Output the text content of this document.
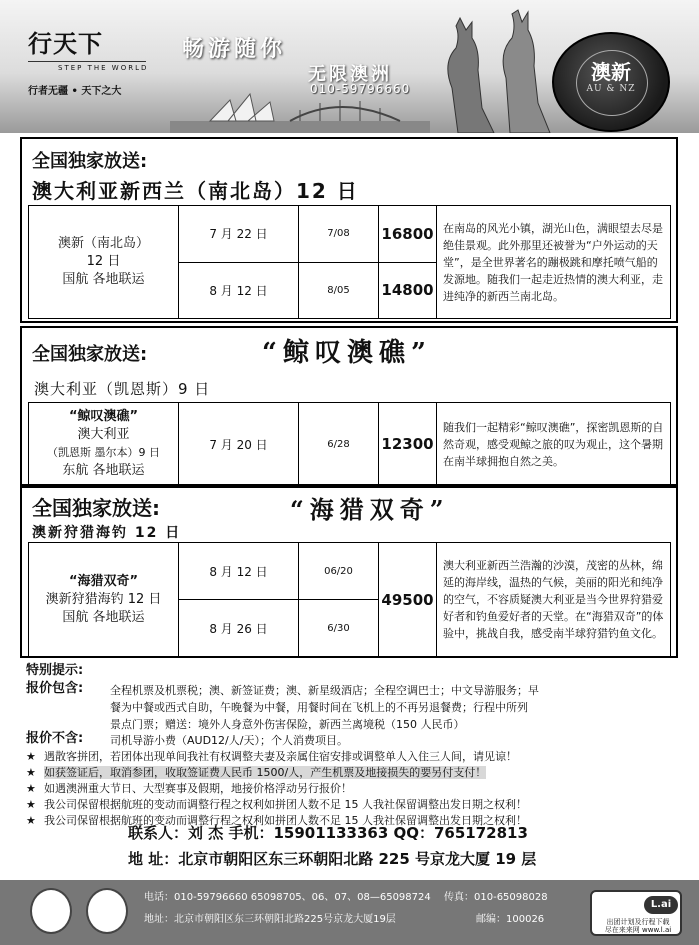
行天下
STEP THE WORLD
行者无疆 • 天下之大
畅游随你
无限澳洲
010-59796660
澳新
AU & NZ
全国独家放送:
澳大利亚新西兰（南北岛）12 日
澳新（南北岛）
12 日
国航 各地联运	7 月 22 日	7/08	16800	在南岛的风光小镇，湖光山色，满眼望去尽是绝佳景观。此外那里还被誉为“户外运动的天堂”，是全世界著名的蹦极跳和摩托喷气船的发源地。随我们一起走近热情的澳大利亚，走进纯净的新西兰南北岛。
	8 月 12 日	8/05	14800	
全国独家放送:	“鲸叹澳礁”
澳大利亚（凯恩斯）9 日
“鲸叹澳礁”
澳大利亚
（凯恩斯 墨尔本）9 日
东航 各地联运
	7 月 20 日	6/28	12300	随我们一起精彩“鲸叹澳礁”，探密凯恩斯的自然奇观，感受观鲸之旅的叹为观止，这个暑期在南半球拥抱自然之美。
全国独家放送:	“海猎双奇”
澳新狩猎海钓 12 日
“海猎双奇”
澳新狩猎海钓 12 日
国航 各地联运	8 月 12 日	06/20	49500	澳大利亚新西兰浩瀚的沙漠，茂密的丛林，绵延的海岸线，温热的气候，美丽的阳光和纯净的空气，不容质疑澳大利亚是当今世界狩猎爱好者和钓鱼爱好者的天堂。在“海猎双奇”的体验中，挑战自我，感受南半球狩猎钓鱼文化。
	8 月 26 日	6/30		
特别提示:
报价包含: 全程机票及机票税；澳、新签证费；澳、新星级酒店；全程空调巴士；中文导游服务；早
餐为中餐或西式自助，午晚餐为中餐，用餐时间在飞机上的不再另退餐费；行程中所列
景点门票；赠送：境外人身意外伤害保险，新西兰离境税（150 人民币）
报价不含: 司机导游小费（AUD12/人/天）；个人消费项目。
★ 遇散客拼团，若团体出现单间我社有权调整夫妻及亲属住宿安排或调整单人入住三人间，请见谅！
★ 如获签证后，取消参团，收取签证费人民币 1500/人，产生机票及地接损失的要另付支付！
★ 如遇澳洲重大节日、大型赛事及假期，地接价格浮动另行报价！
★ 我公司保留根据航班的变动而调整行程之权利如拼团人数不足 15 人我社保留调整出发日期之权利！
★ 我公司保留根据航班的变动而调整行程之权利如拼团人数不足 15 人我社保留调整出发日期之权利！
联系人：刘 杰 手机：15901133363 QQ：765172813
地 址：北京市朝阳区东三环朝阳北路 225 号京龙大厦 19 层
电话：010-59796660 65098705、06、07、08—65098724 传真：010-65098028
地址：北京市朝阳区东三环朝阳北路225号京龙大厦19层	邮编：100026
L.ai
出团计划及行程下载
尽在来来网 www.l.ai
